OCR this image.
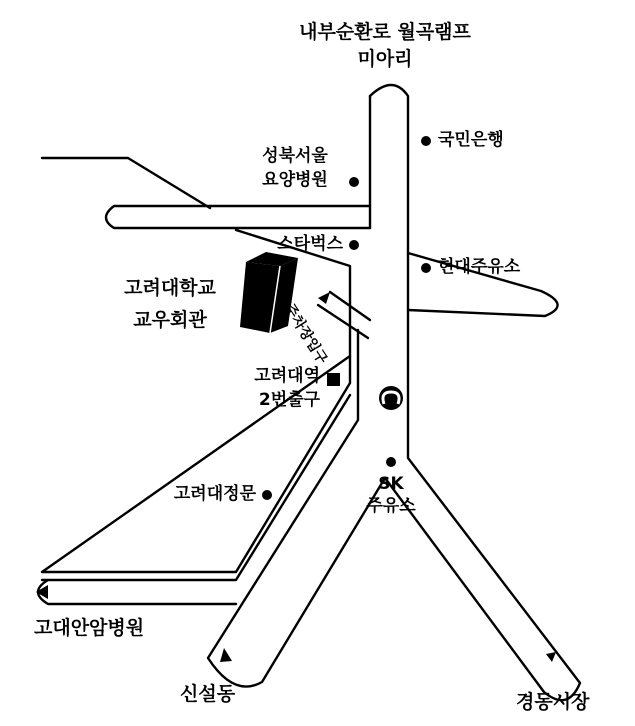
내부순환로 월곡램프
미아리
국민은행
성북서울
요양병원
스타벅스
현대주유소
고려대학교
교우회관	주차장입구
고려대역
2번출구
SK
주유소
고려대정문
고대안암병원
신설동	경동시장
